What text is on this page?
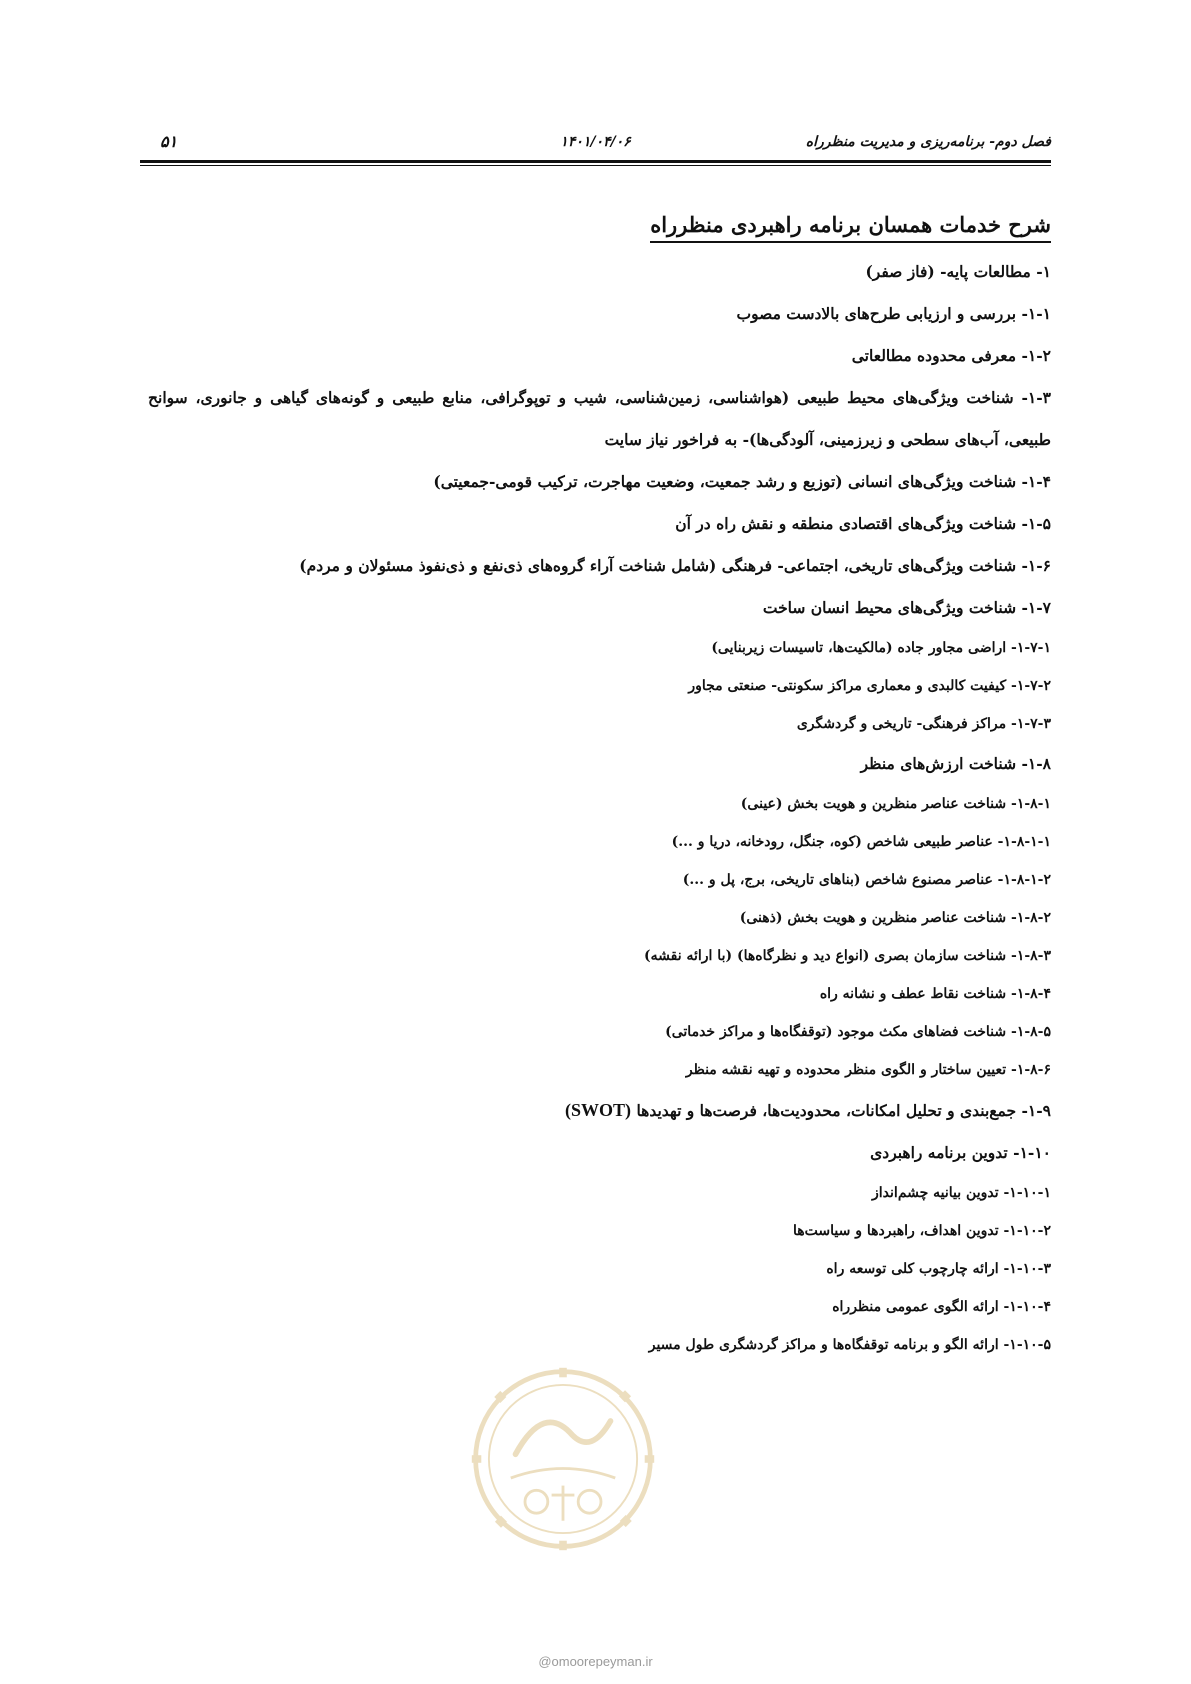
فصل دوم- برنامه‌ریزی و مدیریت منظرراه
۱۴۰۱/۰۴/۰۶
۵۱
شرح خدمات همسان برنامه راهبردی منظرراه

۱- مطالعات پایه- (فاز صفر)

۱-۱- بررسی و ارزیابی طرح‌های بالادست مصوب

۱-۲- معرفی محدوده مطالعاتی

۱-۳- شناخت ویژگی‌های محیط طبیعی (هواشناسی، زمین‌شناسی، شیب و توپوگرافی، منابع طبیعی و گونه‌های گیاهی و جانوری، سوانح طبیعی، آب‌های سطحی و زیرزمینی، آلودگی‌ها)- به فراخور نیاز سایت

۱-۴- شناخت ویژگی‌های انسانی (توزیع و رشد جمعیت، وضعیت مهاجرت، ترکیب قومی-جمعیتی)

۱-۵- شناخت ویژگی‌های اقتصادی منطقه و نقش راه در آن

۱-۶- شناخت ویژگی‌های تاریخی، اجتماعی- فرهنگی (شامل شناخت آراء گروه‌های ذی‌نفع و ذی‌نفوذ مسئولان و مردم)

۱-۷- شناخت ویژگی‌های محیط انسان ساخت

۱-۷-۱- اراضی مجاور جاده (مالکیت‌ها، تاسیسات زیربنایی)

۱-۷-۲- کیفیت کالبدی و معماری مراکز سکونتی- صنعتی مجاور

۱-۷-۳- مراکز فرهنگی- تاریخی و گردشگری

۱-۸- شناخت ارزش‌های منظر

۱-۸-۱- شناخت عناصر منظرین و هویت بخش (عینی)

۱-۸-۱-۱- عناصر طبیعی شاخص (کوه، جنگل، رودخانه، دریا و ...)

۱-۸-۱-۲- عناصر مصنوع شاخص (بناهای تاریخی، برج، پل و ...)

۱-۸-۲- شناخت عناصر منظرین و هویت بخش (ذهنی)

۱-۸-۳- شناخت سازمان بصری (انواع دید و نظرگاه‌ها) (با ارائه نقشه)

۱-۸-۴- شناخت نقاط عطف و نشانه راه

۱-۸-۵- شناخت فضاهای مکث موجود (توقفگاه‌ها و مراکز خدماتی)

۱-۸-۶- تعیین ساختار و الگوی منظر محدوده و تهیه نقشه منظر

۱-۹- جمع‌بندی و تحلیل امکانات، محدودیت‌ها، فرصت‌ها و تهدیدها (SWOT)

۱-۱۰- تدوین برنامه راهبردی

۱-۱۰-۱- تدوین بیانیه چشم‌انداز

۱-۱۰-۲- تدوین اهداف، راهبردها و سیاست‌ها

۱-۱۰-۳- ارائه چارچوب کلی توسعه راه

۱-۱۰-۴- ارائه الگوی عمومی منظرراه

۱-۱۰-۵- ارائه الگو و برنامه توقفگاه‌ها و مراکز گردشگری طول مسیر

@omoorepeyman.ir
